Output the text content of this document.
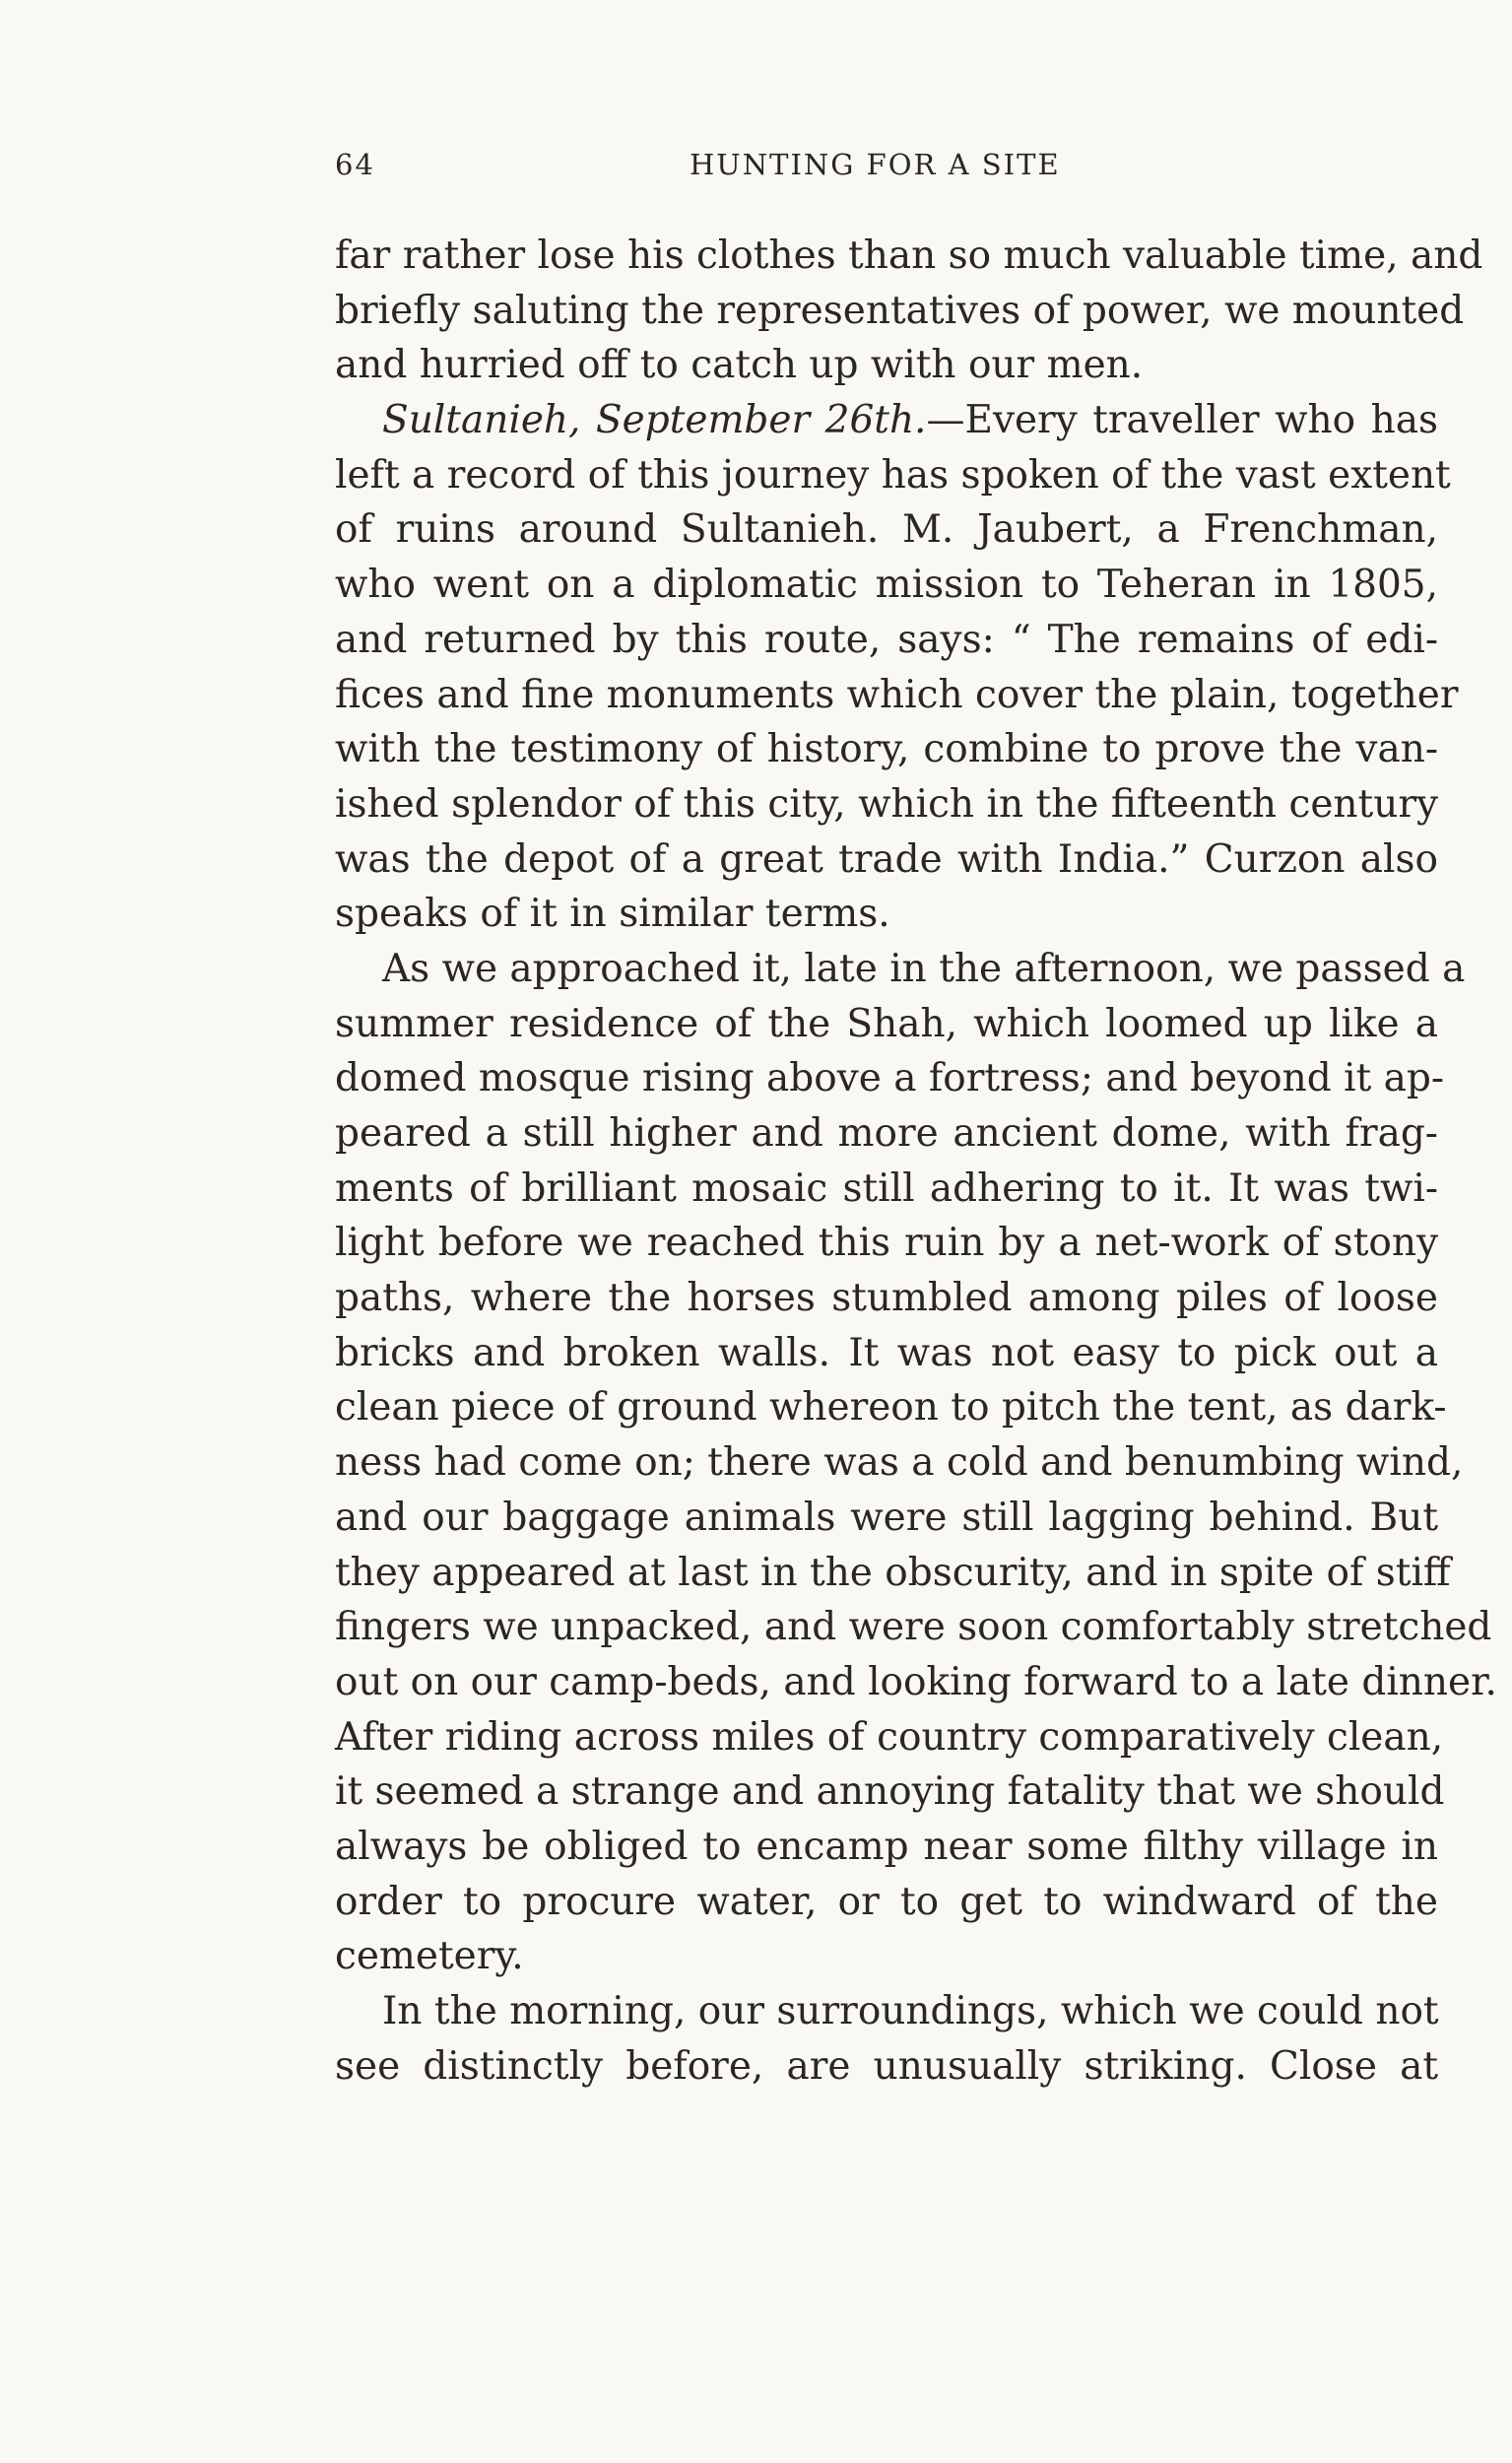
64	HUNTING FOR A SITE
far rather lose his clothes than so much valuable time, and
briefly saluting the representatives of power, we mounted
and hurried off to catch up with our men.
Sultanieh, September 26th.—Every traveller who has
left a record of this journey has spoken of the vast extent
of ruins around Sultanieh. M. Jaubert, a Frenchman,
who went on a diplomatic mission to Teheran in 1805,
and returned by this route, says: “ The remains of edi-
fices and fine monuments which cover the plain, together
with the testimony of history, combine to prove the van-
ished splendor of this city, which in the fifteenth century
was the depot of a great trade with India.” Curzon also
speaks of it in similar terms.
As we approached it, late in the afternoon, we passed a
summer residence of the Shah, which loomed up like a
domed mosque rising above a fortress; and beyond it ap-
peared a still higher and more ancient dome, with frag-
ments of brilliant mosaic still adhering to it. It was twi-
light before we reached this ruin by a net-work of stony
paths, where the horses stumbled among piles of loose
bricks and broken walls. It was not easy to pick out a
clean piece of ground whereon to pitch the tent, as dark-
ness had come on; there was a cold and benumbing wind,
and our baggage animals were still lagging behind. But
they appeared at last in the obscurity, and in spite of stiff
fingers we unpacked, and were soon comfortably stretched
out on our camp-beds, and looking forward to a late dinner.
After riding across miles of country comparatively clean,
it seemed a strange and annoying fatality that we should
always be obliged to encamp near some filthy village in
order to procure water, or to get to windward of the
cemetery.
In the morning, our surroundings, which we could not
see distinctly before, are unusually striking. Close at
